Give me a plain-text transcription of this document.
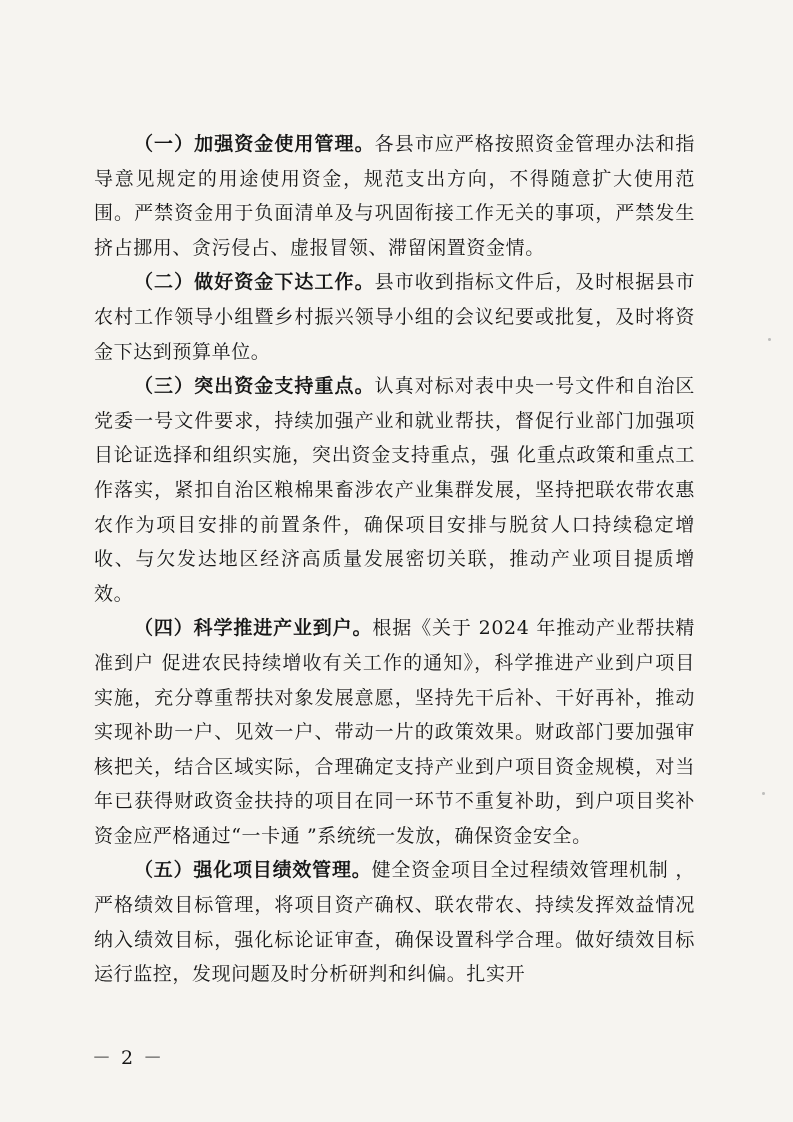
（一）加强资金使用管理。各县市应严格按照资金管理办法和指导意见规定的用途使用资金，规范支出方向，不得随意扩大使用范围。严禁资金用于负面清单及与巩固衔接工作无关的事项，严禁发生挤占挪用、贪污侵占、虚报冒领、滞留闲置资金情。

（二）做好资金下达工作。县市收到指标文件后，及时根据县市农村工作领导小组暨乡村振兴领导小组的会议纪要或批复，及时将资金下达到预算单位。

（三）突出资金支持重点。认真对标对表中央一号文件和自治区党委一号文件要求，持续加强产业和就业帮扶，督促行业部门加强项目论证选择和组织实施，突出资金支持重点，强 化重点政策和重点工作落实，紧扣自治区粮棉果畜涉农产业集群发展，坚持把联农带农惠农作为项目安排的前置条件，确保项目安排与脱贫人口持续稳定增收、与欠发达地区经济高质量发展密切关联，推动产业项目提质增效。

（四）科学推进产业到户。根据《关于 2024 年推动产业帮扶精准到户 促进农民持续增收有关工作的通知》，科学推进产业到户项目实施，充分尊重帮扶对象发展意愿，坚持先干后补、干好再补，推动实现补助一户、见效一户、带动一片的政策效果。财政部门要加强审核把关，结合区域实际，合理确定支持产业到户项目资金规模，对当年已获得财政资金扶持的项目在同一环节不重复补助，到户项目奖补资金应严格通过“一卡通 ”系统统一发放，确保资金安全。

（五）强化项目绩效管理。健全资金项目全过程绩效管理机制 ，严格绩效目标管理，将项目资产确权、联农带农、持续发挥效益情况纳入绩效目标，强化标论证审查，确保设置科学合理。做好绩效目标运行监控，发现问题及时分析研判和纠偏。扎实开

－ 2 －
